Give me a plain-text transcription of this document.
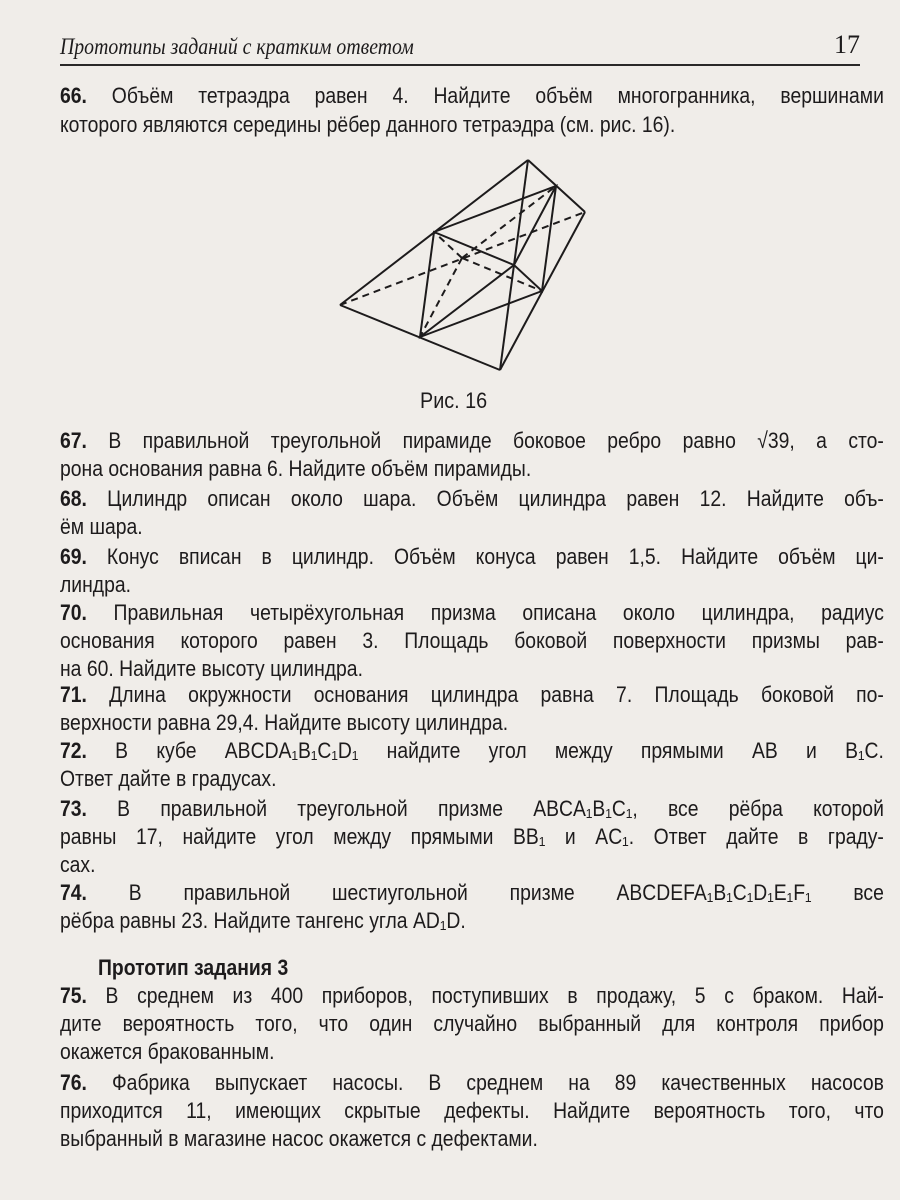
Прототипы заданий с кратким ответом	17
Рис. 16
Прототип задания 3
66. Объём тетраэдра равен 4. Найдите объём многогранника, вершинами
которого являются середины рёбер данного тетраэдра (см. рис. 16).
67. В правильной треугольной пирамиде боковое ребро равно √39, а сто-
рона основания равна 6. Найдите объём пирамиды.
68. Цилиндр описан около шара. Объём цилиндра равен 12. Найдите объ-
ём шара.
69. Конус вписан в цилиндр. Объём конуса равен 1,5. Найдите объём ци-
линдра.
70. Правильная четырёхугольная призма описана около цилиндра, радиус
основания которого равен 3. Площадь боковой поверхности призмы рав-
на 60. Найдите высоту цилиндра.
71. Длина окружности основания цилиндра равна 7. Площадь боковой по-
верхности равна 29,4. Найдите высоту цилиндра.
72. В кубе ABCDA₁B₁C₁D₁ найдите угол между прямыми AB и B₁C.
Ответ дайте в градусах.
73. В правильной треугольной призме ABCA₁B₁C₁, все рёбра которой
равны 17, найдите угол между прямыми BB₁ и AC₁. Ответ дайте в граду-
сах.
74. В правильной шестиугольной призме ABCDEFA₁B₁C₁D₁E₁F₁ все
рёбра равны 23. Найдите тангенс угла AD₁D.
75. В среднем из 400 приборов, поступивших в продажу, 5 с браком. Най-
дите вероятность того, что один случайно выбранный для контроля прибор
окажется бракованным.
76. Фабрика выпускает насосы. В среднем на 89 качественных насосов
приходится 11, имеющих скрытые дефекты. Найдите вероятность того, что
выбранный в магазине насос окажется с дефектами.
